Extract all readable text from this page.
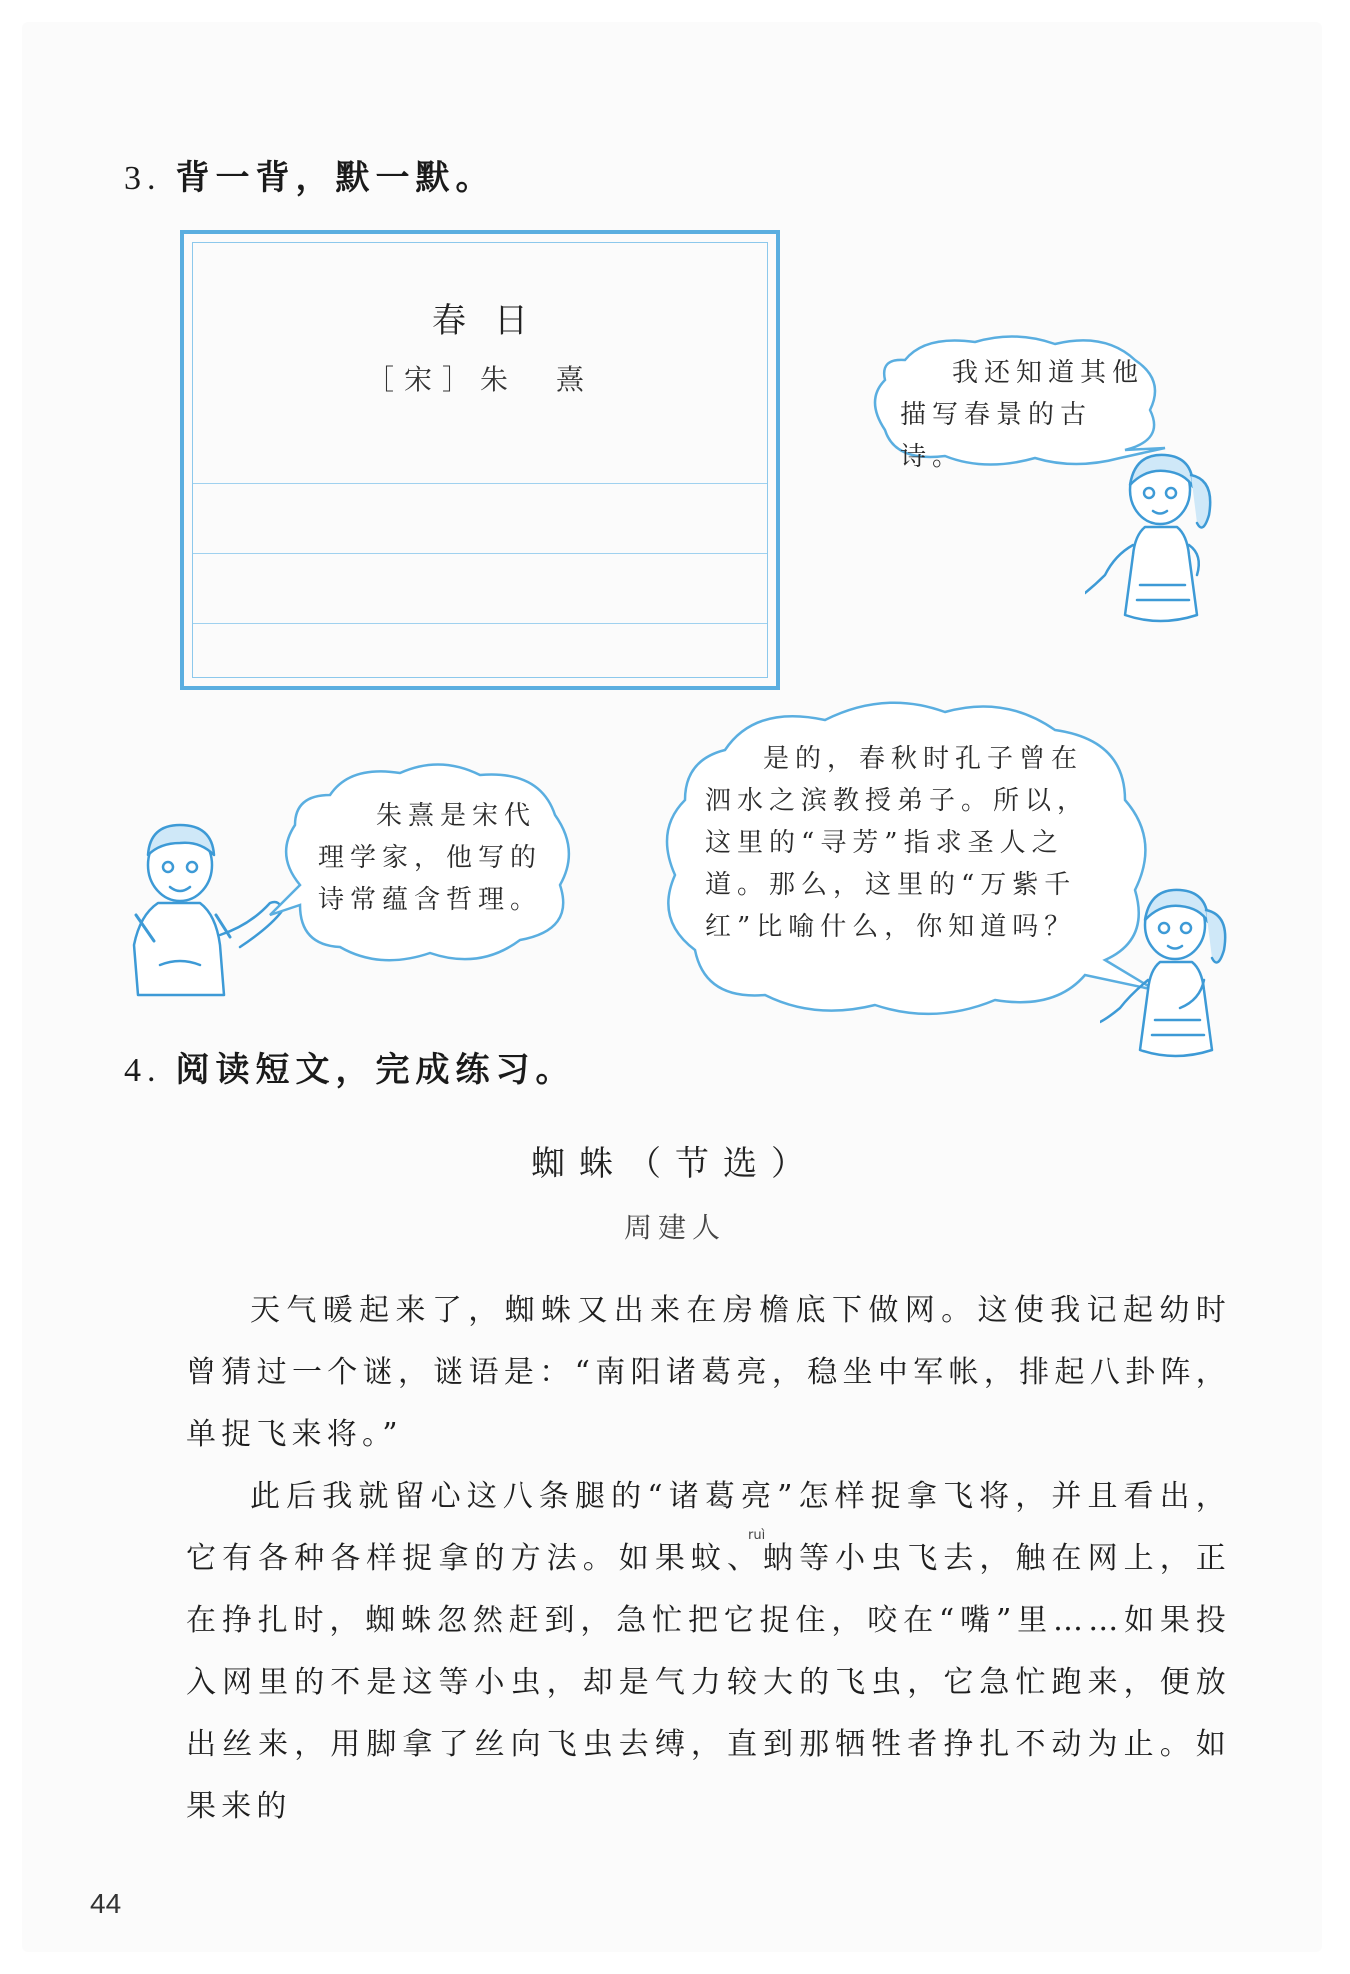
3. 背一背，默一默。
春日
［宋］朱　熹	我还知道其他
描写春景的古诗。
朱熹是宋代
理学家，他写的
诗常蕴含哲理。
是的，春秋时孔子曾在
泗水之滨教授弟子。所以，
这里的“寻芳”指求圣人之
道。那么，这里的“万紫千
红”比喻什么，你知道吗？
4. 阅读短文，完成练习。
蜘蛛（节选）
周建人

天气暖起来了，蜘蛛又出来在房檐底下做网。这使我记起幼时曾猜过一个谜，谜语是：“南阳诸葛亮，稳坐中军帐，排起八卦阵，单捉飞来将。”

此后我就留心这八条腿的“诸葛亮”怎样捉拿飞将，并且看出，它有各种各样捉拿的方法。如果蚊、蚋等小虫飞去，触在网上，正在挣扎时，蜘蛛忽然赶到，急忙把它捉住，咬在“嘴”里……如果投入网里的不是这等小虫，却是气力较大的飞虫，它急忙跑来，便放出丝来，用脚拿了丝向飞虫去缚，直到那牺牲者挣扎不动为止。如果来的

ruì
44
